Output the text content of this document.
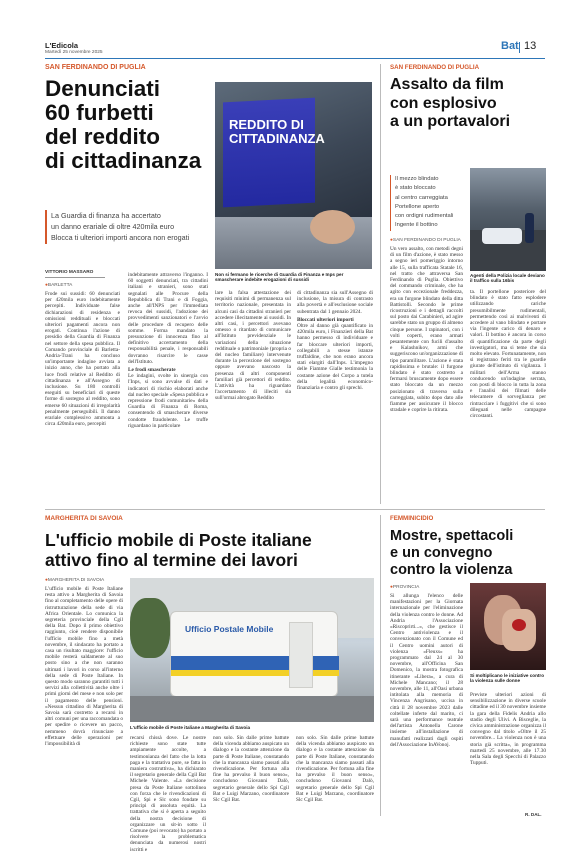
L'Edicola
Martedì 25 novembre 2025
Bat 13
SAN FERDINANDO DI PUGLIA
Denunciati
60 furbetti
del reddito
di cittadinanza
La Guardia di finanza ha accertato
un danno erariale di oltre 420mila euro
Blocca ti ulteriori importi ancora non erogati
REDDITO DI CITTADINANZA
Non si fermano le ricerche di Guardia di Finanza e Inps per smascherare indebite erogazioni di sussidi
VITTORIO MASSARO
● BARLETTA

Frode sui sussidi: 60 denunciati per 420mila euro indebitamente percepiti. Individuate false dichiarazioni di residenza e omissioni reddituali e bloccati ulteriori pagamenti ancora non erogati. Continua l'azione di presidio della Guardia di Finanza nel settore della spesa pubblica. Il Comando provinciale di Barletta-Andria-Trani ha concluso un'importante indagine avviata a inizio anno, che ha portato alla luce frodi relative al Reddito di cittadinanza e all'Assegno di inclusione. Su 180 controlli eseguiti su beneficiari di queste forme di sostegno al reddito, sono emerse 60 situazioni di irregolarità penalmente perseguibili. Il danno erariale complessivo ammonta a circa 420mila euro, percepiti

indebitamente attraverso l'inganno. I 60 soggetti denunciati, tra cittadini italiani e stranieri, sono stati segnalati alle Procure della Repubblica di Trani e di Foggia, anche all'INPS per l'immediata revoca dei sussidi, l'adozione dei provvedimenti sanzionatori e l'avvio delle procedure di recupero delle somme. Forma mandato la presunzione di innocenza fino al definitivo accertamento della responsabilità penale, i responsabili dovranno risarcire le casse dell'Istituto.

Le frodi smascherate

Le indagini, svolte in sinergia con l'Inps, si sono avvalse di dati e indicatori di rischio elaborati anche dal nucleo speciale «Spesa pubblica e repressione frodi comunitarie» della Guardia di Finanza di Roma, consentendo di smascherare diverse condotte fraudolente. Le truffe riguardano in particolare

lare la falsa attestazione dei requisiti minimi di permanenza sul territorio nazionale, presentata in alcuni casi da cittadini stranieri per accedere illecitamente ai sussidi. In altri casi, i percettori avevano omesso o ritardato di comunicare all'Istituto previdenziale le variazioni della situazione reddituale o patrimoniale (propria o del nucleo familiare) intervenute durante la percezione del sostegno oppure avevano nascosto la presenza di altri componenti familiari già percettori di reddito. L'attività ha riguardato l'accertamento di illeciti sia sull'ormai abrogato Reddito

di cittadinanza sia sull'Assegno di inclusione, la misura di contrasto alla povertà e all'esclusione sociale subentrata dal 1 gennaio 2024.

Bloccati ulteriori importi

Oltre al danno già quantificato in 420mila euro, i Finanzieri della Bat hanno permesso di individuare e far bloccare ulteriori importi, collegabili a stesse istanze truffaldine, che non erano ancora stati elargiti dall'Inps. L'impegno delle Fiamme Gialle testimonia la costante azione del Corpo a tutela della legalità economico-finanziaria e contro gli sprechi.

SAN FERDINANDO DI PUGLIA
Assalto da film
con esplosivo
a un portavalori
Il mezzo blindato
è stato bloccato
al centro carreggiata
Portellone aperto
con ordigni rudimentali
Ingente il bottino
Agenti della Polizia locale deviano il traffico sulla 16bis
● SAN FERDINANDO DI PUGLIA

Un vero assalto, con metodi degni di un film d'azione, è stato messo a segno ieri pomeriggio intorno alle 15, sulla trafficata Statale 16, nel tratto che attraversa San Ferdinando di Puglia. Obiettivo del commando criminale, che ha agito con eccezionale freddezza, era un furgone blindato della ditta Battistolli. Secondo le prime ricostruzioni e i dettagli raccolti sul posto dai Carabinieri, ad agire sarebbe stato un gruppo di almeno cinque persone. I rapinatori, con i volti coperti, erano armati pesantemente con fucili d'assalto e Kalashnikov, armi che suggeriscono un'organizzazione di tipo paramilitare. L'azione è stata rapidissima e brutale: il furgone blindato è stato costretto a fermarsi bruscamente dopo essere stato bloccato da un mezzo posizionato di traverso sulla carreggiata, subito dopo dato alle fiamme per assicurare il blocco stradale e coprire la ritirata.

ta. Il portellone posteriore del blindato è stato fatto esplodere utilizzando cariche presumibilmente rudimentali, permettendo così ai malviventi di accedere al vano blindato e portare via l'ingente carico di denaro e valori. Il bottino è ancora in corso di quantificazione da parte degli investigatori, ma si teme che sia molto elevato. Fortunatamente, non si registrano feriti tra le guardie giurate dell'istituto di vigilanza. I militari dell'Arma stanno conducendo un'indagine serrata, con posti di blocco in tutta la zona e l'analisi dei filmati delle telecamere di sorveglianza per rintracciare i fuggitivi che si sono dileguati nelle campagne circostanti.

MARGHERITA DI SAVOIA
L'ufficio mobile di Poste italiane
attivo fino al termine dei lavori
● MARGHERITA DI SAVOIA

L'ufficio mobile di Poste Italiane resta attivo a Margherita di Savoia fino al completamento delle opere di ristrutturazione della sede di via Africa Orientale. Lo comunica la segreteria provinciale della Cgil della Bat. Dopo il primo obiettivo raggiunto, cioè rendere disponibile l'ufficio mobile fino a metà novembre, il sindacato ha portato a casa un risultato maggiore: l'ufficio mobile resterà saldamente al suo posto sino a che non saranno ultimati i lavori in corso all'interno della sede di Poste Italiane. In questo modo saranno garantiti tutti i servizi alla collettività anche oltre i primi giorni del mese e non solo per il pagamento delle pensioni. «Nessun cittadino di Margherita di Savoia sarà costretto a recarsi in altri comuni per una raccomandata o per spedire o ricevere un pacco, nemmeno dovrà rinunciare a effettuare delle operazioni per l'impossibilità di

Ufficio Postale Mobile
L'ufficio mobile di Poste italiane a Margherita di Savoia

recarsi chissà dove. Le nostre richieste sono state tutte ampiamente accolte, a testimonianza del fatto che la lotta paga e la trattativa pure, se fatta in maniera costruttiva», ha dichiarato il segretario generale della Cgil Bat Michele Valente. «La decisione presa da Poste Italiane sottolinea con forza che le rivendicazioni di Cgil, Spi e Slc sono fondate su principi di assoluta equità. La trattativa che si è aperta a seguito della nostra decisione di organizzare un sit-in sotto il Comune (poi revocato) ha portato a risolvere la problematica denunciata da numerosi nostri iscritti e

non solo. Sin dalle prime battute della vicenda abbiamo auspicato un dialogo e la costante attenzione da parte di Poste Italiane, constatando che la mancanza siamo passati alla rivendicazione. Per fortuna alla fine ha prevalso il buon senso», concludono Giovanni Dalò, segretario generale dello Spi Cgil Bat e Luigi Marzano, coordinatore Slc Cgil Bat.

non solo. Sin dalle prime battute della vicenda abbiamo auspicato un dialogo e la costante attenzione da parte di Poste Italiane, constatando che la mancanza siamo passati alla rivendicazione. Per fortuna alla fine ha prevalso il buon senso», concludono Giovanni Dalò, segretario generale dello Spi Cgil Bat e Luigi Marzano, coordinatore Slc Cgil Bat.

FEMMINICIDIO
Mostre, spettacoli
e un convegno
contro la violenza
● PROVINCIA

Si allunga l'elenco delle manifestazioni per la Giornata internazionale per l'eliminazione della violenza contro le donne. Ad Andria l'Associazione «Riscoprirti...», che gestisce il Centro antiviolenza e il convenzionato con il Comune ed il Centro uomini autori di violenza «Fleuxs» ha programmato dal 24 al 30 novembre, all'Officina San Domenico, la mostra fotografica itinerante «Libera», a cura di Michele Mancano; il 28 novembre, alle 11, all'Oasi urbana intitolata alla memoria di Vincenza Angrisano, uccisa in città il 28 novembre 2023 dalle coltellate inferte dal marito, ci sarà una performance teatrale dell'artista Antonella Carone insieme all'installazione di manufatti realizzati dagli ospiti dell'Associazione InAVonoj.

Si moltiplicano le iniziative contro la violenza sulle donne

Previste ulteriori azioni di sensibilizzazione in diverse scuole cittadine ed il 30 novembre insieme la gara della Fidelis Andria allo stadio degli Ulivi. A Bisceglie, la civica amministrazione organizza il convegno dal titolo «Oltre il 25 novembre... La violenza non è una storia già scritta», in programma martedì 25 novembre, alle 17.30 nella Sala degli Specchi di Palazzo Tupputi.

R. DAL.
